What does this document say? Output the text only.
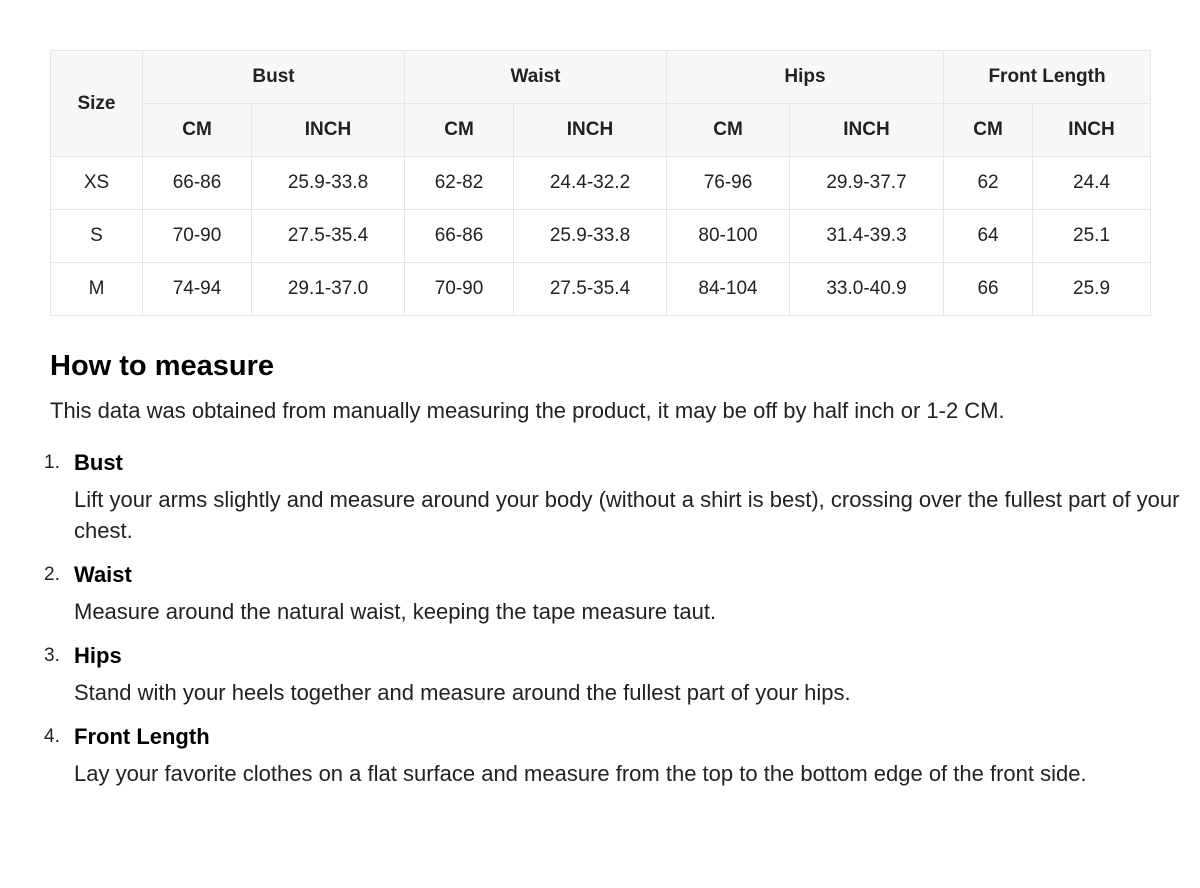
Size	Bust		Waist		Hips		Front Length	
	CM	INCH	CM	INCH	CM	INCH	CM	INCH
XS	66-86	25.9-33.8	62-82	24.4-32.2	76-96	29.9-37.7	62	24.4
S	70-90	27.5-35.4	66-86	25.9-33.8	80-100	31.4-39.3	64	25.1
M	74-94	29.1-37.0	70-90	27.5-35.4	84-104	33.0-40.9	66	25.9
How to measure

This data was obtained from manually measuring the product, it may be off by half inch or 1-2 CM.

1. Bust
Lift your arms slightly and measure around your body (without a shirt is best), crossing over the fullest part of your chest.
2. Waist
Measure around the natural waist, keeping the tape measure taut.
3. Hips
Stand with your heels together and measure around the fullest part of your hips.
4. Front Length
Lay your favorite clothes on a flat surface and measure from the top to the bottom edge of the front side.
